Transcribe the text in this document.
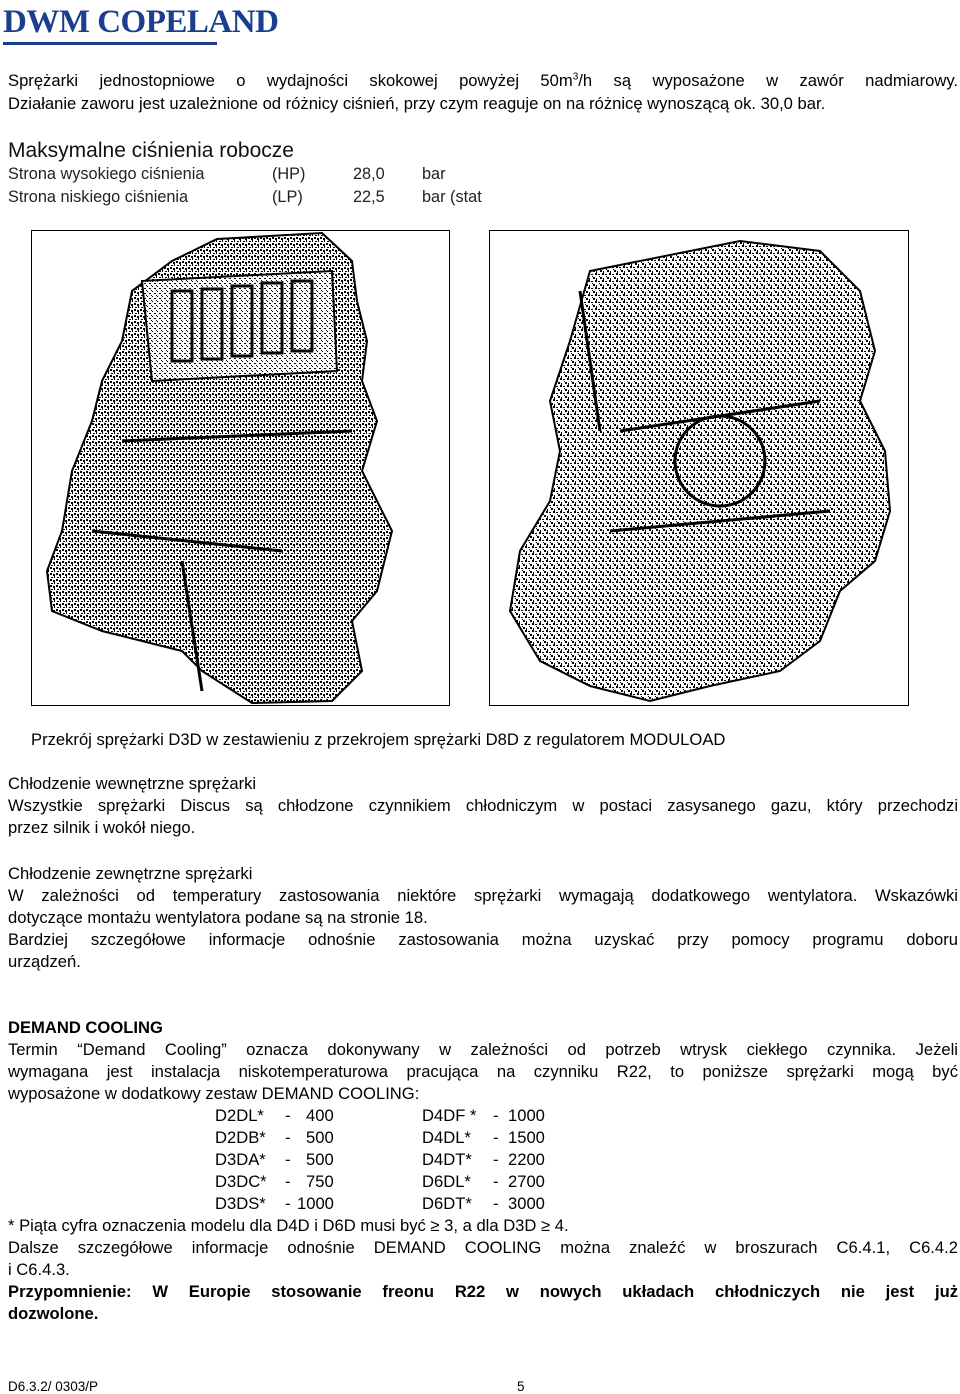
DWM COPELAND
Sprężarki jednostopniowe o wydajności skokowej powyżej $50m^3/h$ są wyposażone w zawór nadmiarowy.
Działanie zaworu jest uzależnione od różnicy ciśnień, przy czym reaguje on na różnicę wynoszącą ok. 30,0 bar.
Maksymalne ciśnienia robocze
Strona wysokiego ciśnienia	(HP)	28,0 bar
Strona niskiego ciśnienia	(LP)	22,5 bar (stat
Przekrój sprężarki D3D w zestawieniu z przekrojem sprężarki D8D z regulatorem MODULOAD
Chłodzenie wewnętrzne sprężarki
Wszystkie sprężarki Discus są chłodzone czynnikiem chłodniczym w postaci zasysanego gazu, który przechodzi
przez silnik i wokół niego.
Chłodzenie zewnętrzne sprężarki
W zależności od temperatury zastosowania niektóre sprężarki wymagają dodatkowego wentylatora. Wskazówki
dotyczące montażu wentylatora podane są na stronie 18.
Bardziej szczegółowe informacje odnośnie zastosowania można uzyskać przy pomocy programu doboru
urządzeń.
DEMAND COOLING
Termin “Demand Cooling” oznacza dokonywany w zależności od potrzeb wtrysk ciekłego czynnika. Jeżeli
wymagana jest instalacja niskotemperaturowa pracująca na czynniku R22, to poniższe sprężarki mogą być
wyposażone w dodatkowy zestaw DEMAND COOLING:
D2DL* - 400	D4DF * - 1000
D2DB* - 500	D4DL* - 1500
D3DA* - 500	D4DT* - 2200
D3DC* - 750	D6DL* - 2700
D3DS* - 1000	D6DT* - 3000
* Piąta cyfra oznaczenia modelu dla D4D i D6D musi być ≥ 3, a dla D3D ≥ 4.
Dalsze szczegółowe informacje odnośnie DEMAND COOLING można znaleźć w broszurach C6.4.1, C6.4.2
i C6.4.3.
Przypomnienie: W Europie stosowanie freonu R22 w nowych układach chłodniczych nie jest już
dozwolone.
D6.3.2/ 0303/P	5
